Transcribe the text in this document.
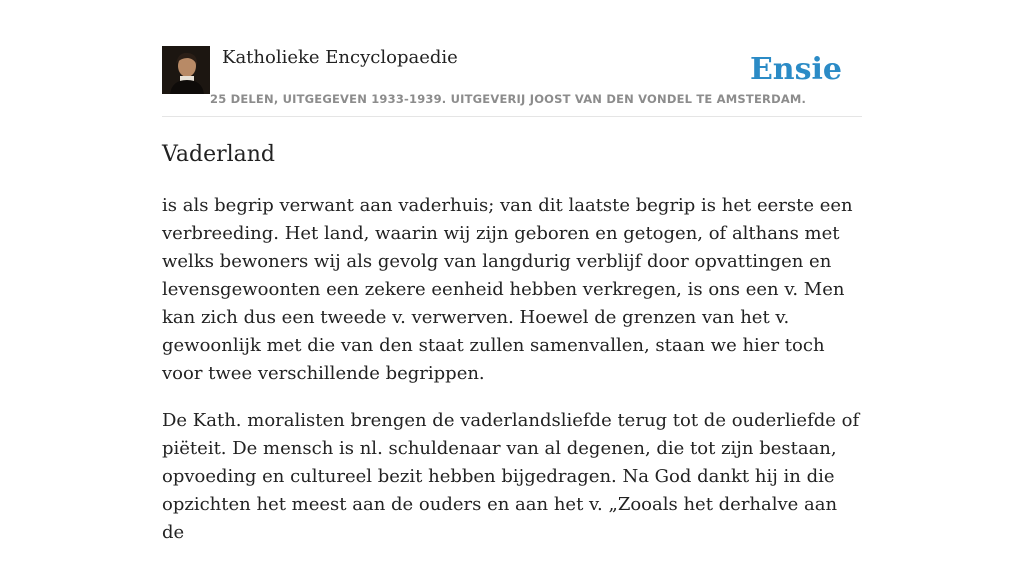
Katholieke Encyclopaedie
25 DELEN, UITGEGEVEN 1933-1939. UITGEVERIJ JOOST VAN DEN VONDEL TE AMSTERDAM.
Ensie
Vaderland

is als begrip verwant aan vaderhuis; van dit laatste begrip is het eerste een verbreeding. Het land, waarin wij zijn geboren en getogen, of althans met welks bewoners wij als gevolg van langdurig verblijf door opvattingen en levensgewoonten een zekere eenheid hebben verkregen, is ons een v. Men kan zich dus een tweede v. verwerven. Hoewel de grenzen van het v. gewoonlijk met die van den staat zullen samenvallen, staan we hier toch voor twee verschillende begrippen.

De Kath. moralisten brengen de vaderlandsliefde terug tot de ouderliefde of piëteit. De mensch is nl. schuldenaar van al degenen, die tot zijn bestaan, opvoeding en cultureel bezit hebben bijgedragen. Na God dankt hij in die opzichten het meest aan de ouders en aan het v. „Zooals het derhalve aan de
